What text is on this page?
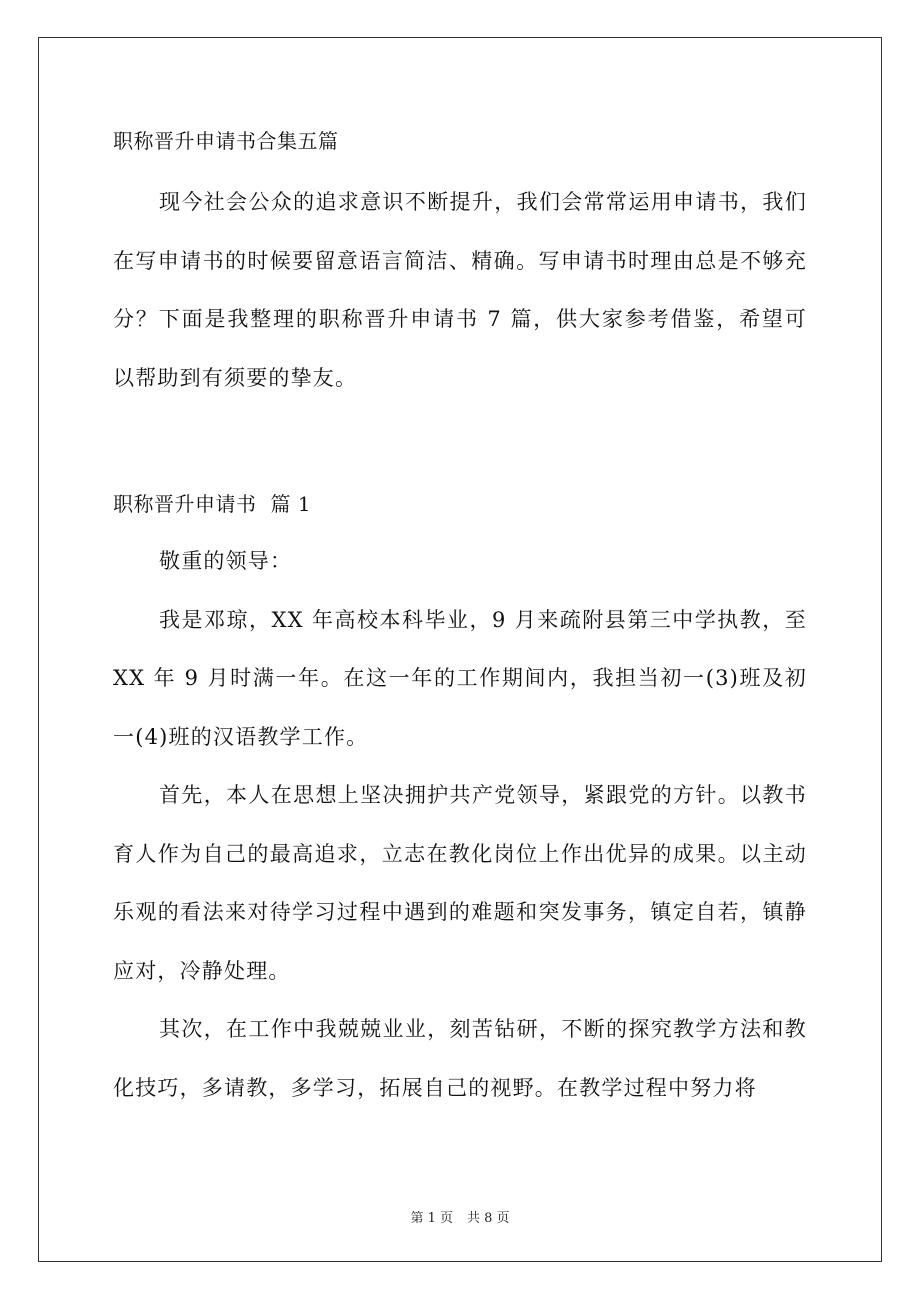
职称晋升申请书合集五篇

现今社会公众的追求意识不断提升，我们会常常运用申请书，我们在写申请书的时候要留意语言简洁、精确。写申请书时理由总是不够充分？下面是我整理的职称晋升申请书 7 篇，供大家参考借鉴，希望可以帮助到有须要的挚友。

职称晋升申请书 篇 1

敬重的领导：

我是邓琼，XX 年高校本科毕业，9 月来疏附县第三中学执教，至 XX 年 9 月时满一年。在这一年的工作期间内，我担当初一(3)班及初一(4)班的汉语教学工作。

首先，本人在思想上坚决拥护共产党领导，紧跟党的方针。以教书育人作为自己的最高追求，立志在教化岗位上作出优异的成果。以主动乐观的看法来对待学习过程中遇到的难题和突发事务，镇定自若，镇静应对，冷静处理。

其次，在工作中我兢兢业业，刻苦钻研，不断的探究教学方法和教化技巧，多请教，多学习，拓展自己的视野。在教学过程中努力将

第 1 页 共 8 页
